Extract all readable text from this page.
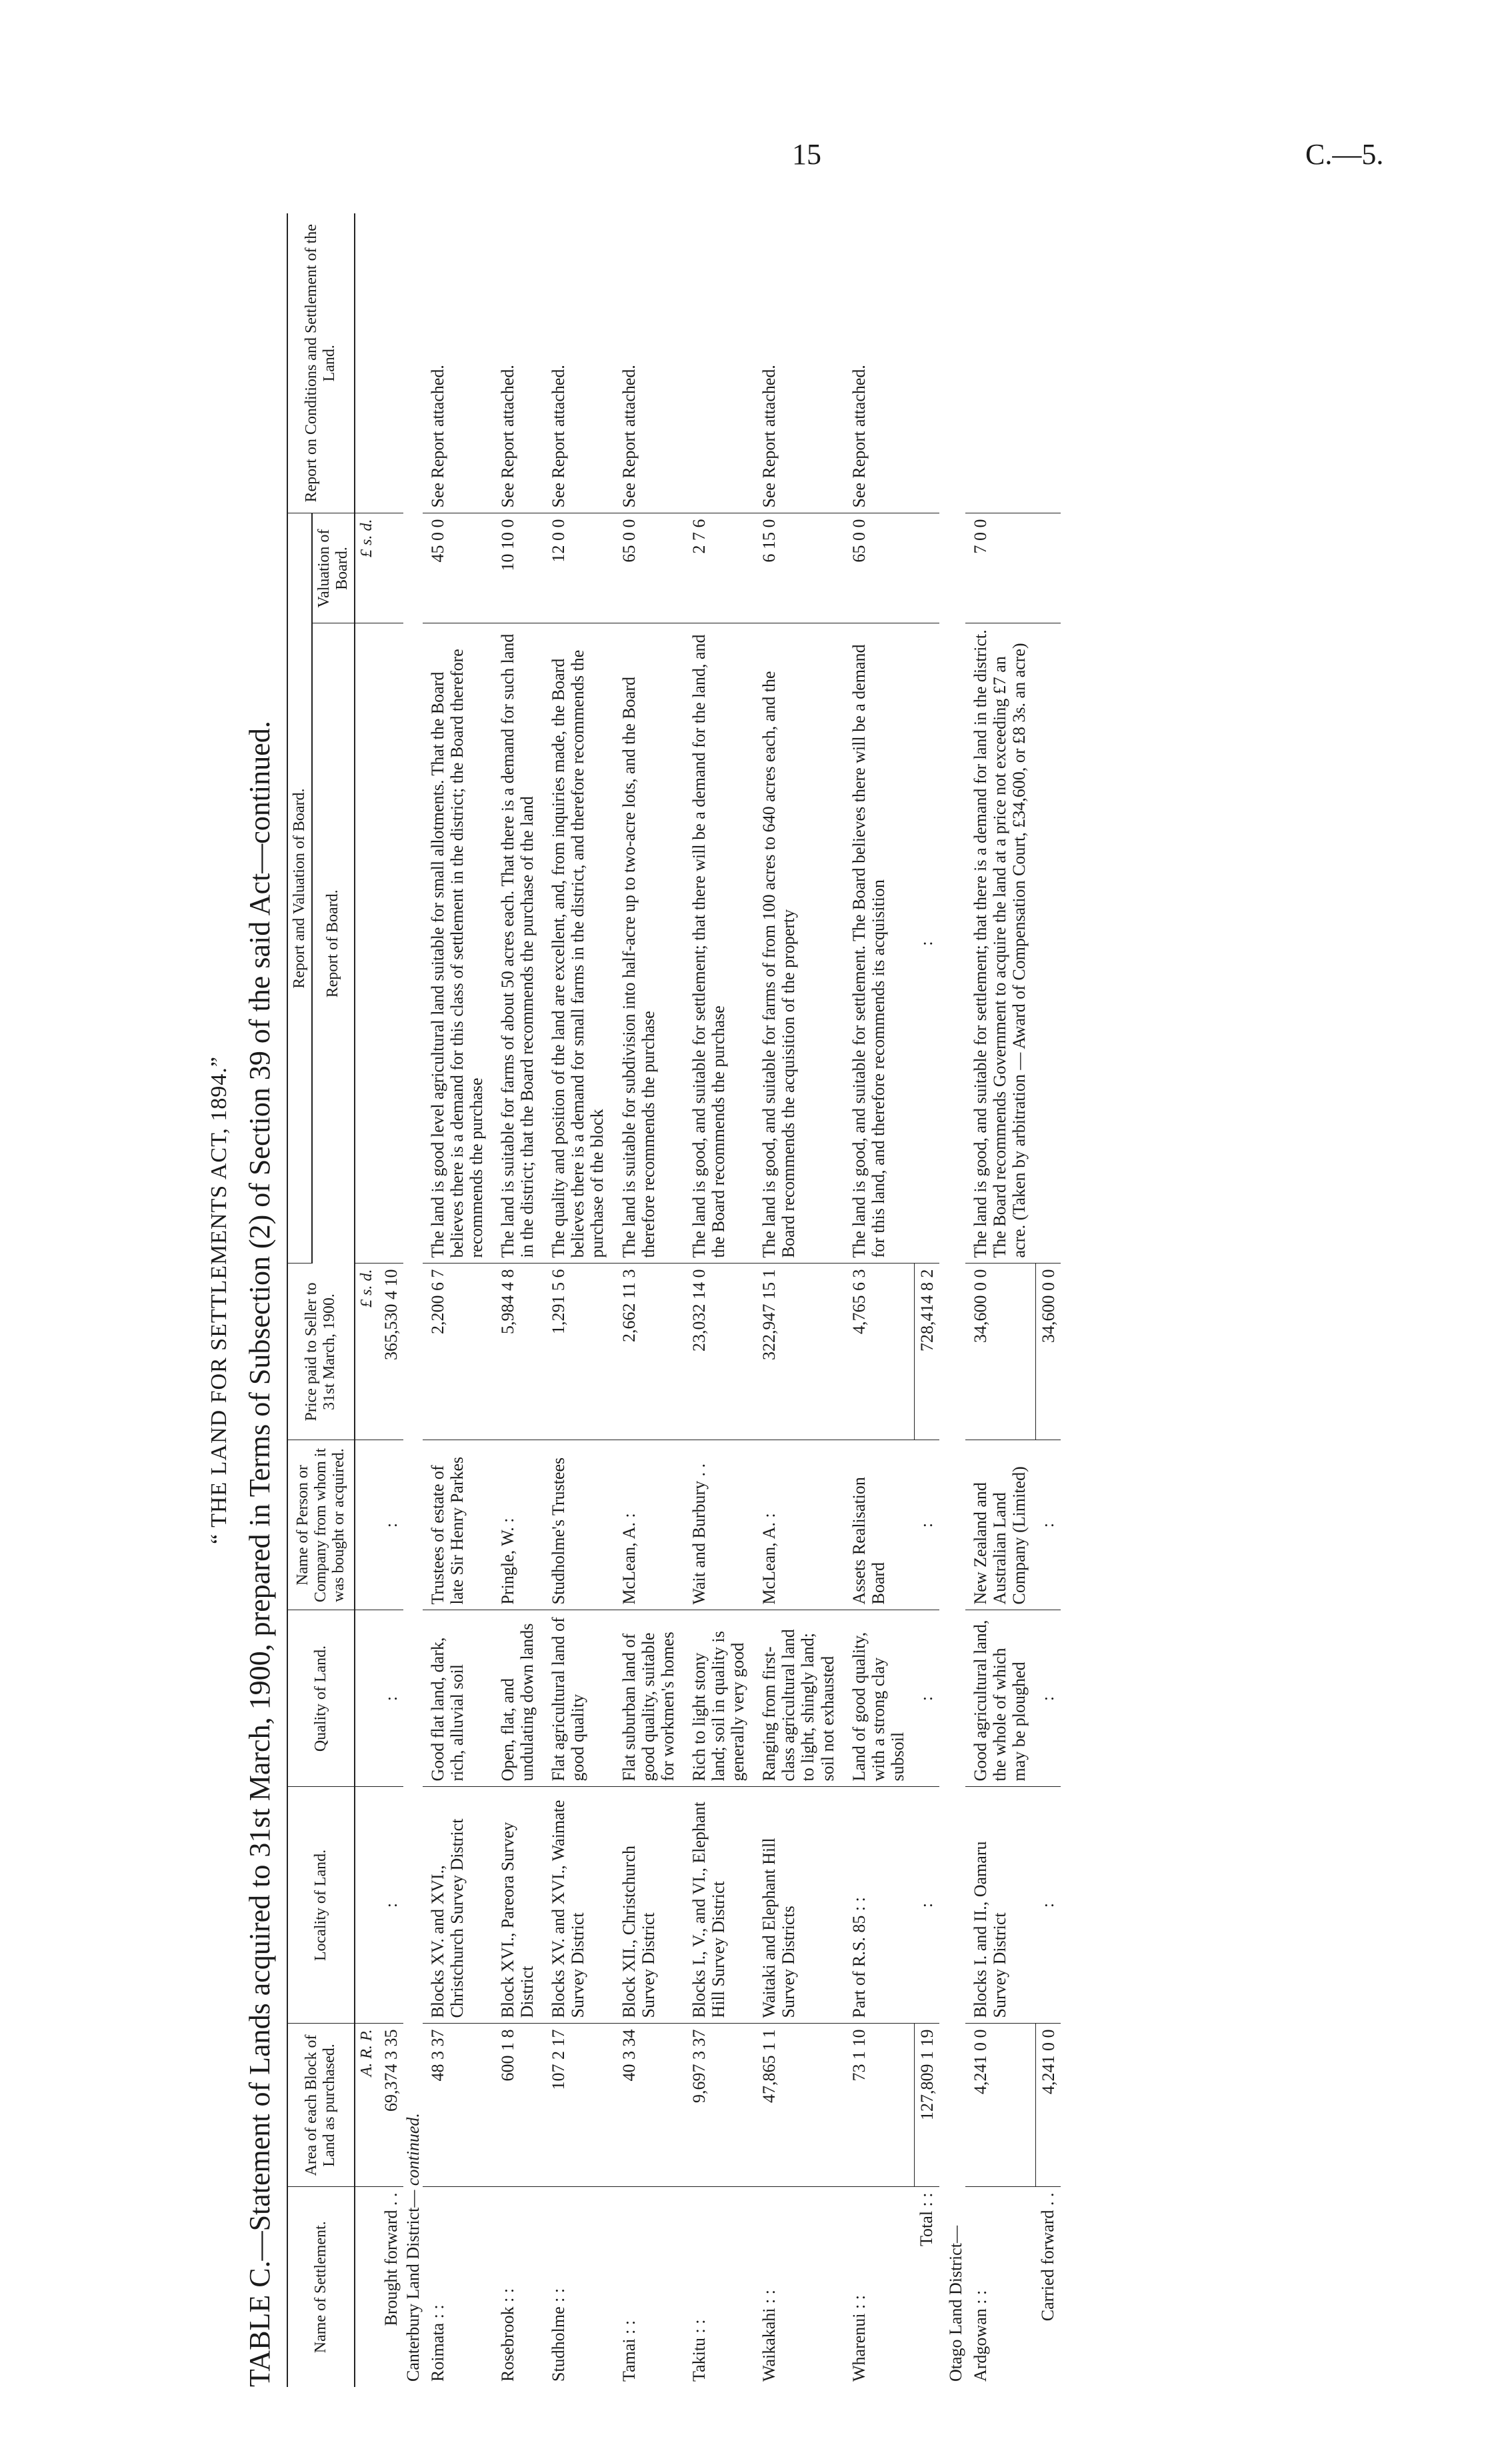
15	C.—5.
“ THE LAND FOR SETTLEMENTS ACT, 1894.” TABLE C.—Statement of Lands acquired to 31st March, 1900, prepared in Terms of Subsection (2) of Section 39 of the said Act—continued. Name of Settlement.	Area of each Block of Land as purchased.	Locality of Land.	Quality of Land.	Name of Person or Company from whom it was bought or acquired.	Price paid to Seller to 31st March, 1900.	Report and Valuation of Board.		Report on Conditions and Settlement of the Land.
						Report of Board.	Valuation of Board.	
	A. R. P.				£ s. d.		£ s. d.	
Brought forward . .	69,374 3 35	:	:	:	365,530 4 10			
Canterbury Land District— continued.								
Roimata : :	48 3 37	Blocks XV. and XVI., Christchurch Survey District	Good flat land, dark, rich, alluvial soil	Trustees of estate of late Sir Henry Parkes	2,200 6 7	The land is good level agricultural land suitable for small allotments. That the Board believes there is a demand for this class of settlement in the district; the Board therefore recommends the purchase	45 0 0	See Report attached.
Rosebrook : :	600 1 8	Block XVI., Pareora Survey District	Open, flat, and undulating down lands	Pringle, W. :	5,984 4 8	The land is suitable for farms of about 50 acres each. That there is a demand for such land in the district; that the Board recommends the purchase of the land	10 10 0	See Report attached.
Studholme : :	107 2 17	Blocks XV. and XVI., Waimate Survey District	Flat agricultural land of good quality	Studholme's Trustees	1,291 5 6	The quality and position of the land are excellent, and, from inquiries made, the Board believes there is a demand for small farms in the district, and therefore recommends the purchase of the block	12 0 0	See Report attached.
Tamai : :	40 3 34	Block XII., Christchurch Survey District	Flat suburban land of good quality, suitable for workmen's homes	McLean, A. :	2,662 11 3	The land is suitable for subdivision into half-acre up to two-acre lots, and the Board therefore recommends the purchase	65 0 0	See Report attached.
Takitu : :	9,697 3 37	Blocks I., V., and VI., Elephant Hill Survey District	Rich to light stony land; soil in quality is generally very good	Wait and Burbury . .	23,032 14 0	The land is good, and suitable for settlement; that there will be a demand for the land, and the Board recommends the purchase	2 7 6	
Waikakahi : :	47,865 1 1	Waitaki and Elephant Hill Survey Districts	Ranging from first-class agricultural land to light, shingly land; soil not exhausted	McLean, A. :	322,947 15 1	The land is good, and suitable for farms of from 100 acres to 640 acres each, and the Board recommends the acquisition of the property	6 15 0	See Report attached.
Wharenui : :	73 1 10	Part of R.S. 85 : :	Land of good quality, with a strong clay subsoil	Assets Realisation Board	4,765 6 3	The land is good, and suitable for settlement. The Board believes there will be a demand for this land, and therefore recommends its acquisition	65 0 0	See Report attached.
Total : :	127,809 1 19	:	:	:	728,414 8 2	:		
Otago Land District—								
Ardgowan : :	4,241 0 0	Blocks I. and II., Oamaru Survey District	Good agricultural land, the whole of which may be ploughed	New Zealand and Australian Land Company (Limited)	34,600 0 0	The land is good, and suitable for settlement; that there is a demand for land in the district. The Board recommends Government to acquire the land at a price not exceeding £7 an acre. (Taken by arbitration — Award of Compensation Court, £34,600, or £8 3s. an acre)	7 0 0	
Carried forward . .	4,241 0 0	:	:	:	34,600 0 0			
